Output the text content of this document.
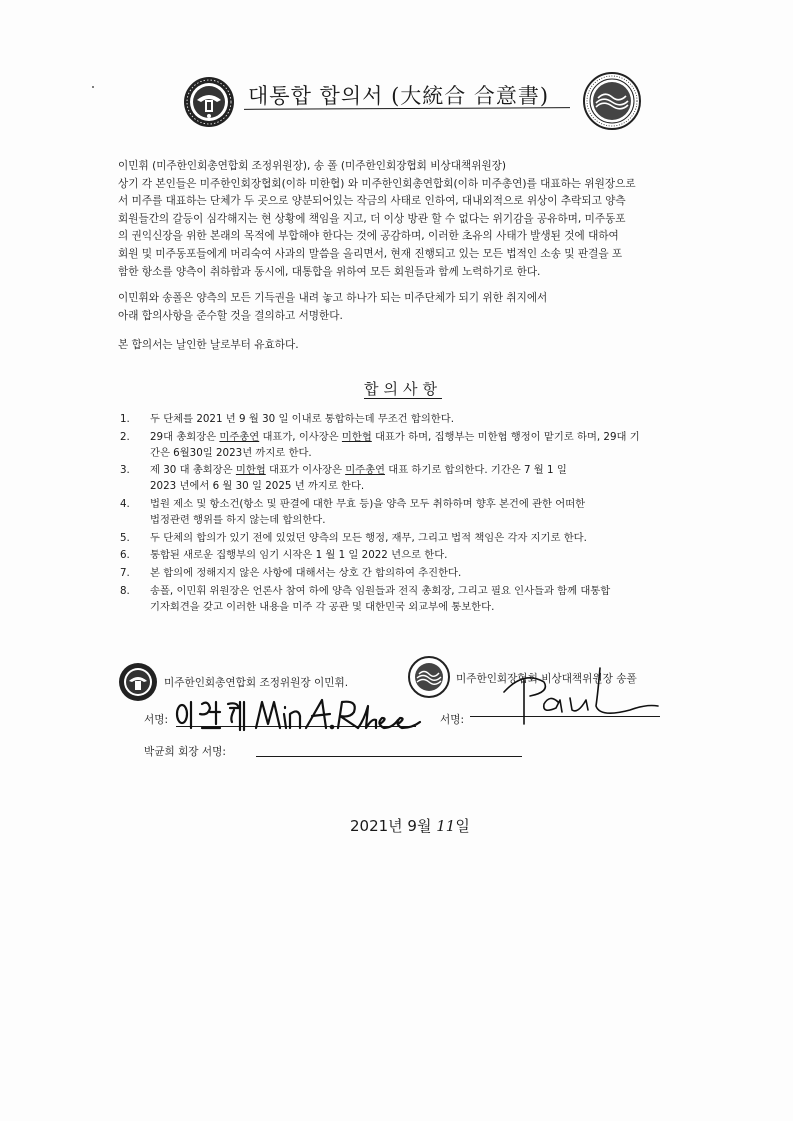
대통합 합의서 (大統合 合意書)

이민휘 (미주한인회총연합회 조정위원장), 송 폴 (미주한인회장협회 비상대책위원장)

상기 각 본인들은 미주한인회장협회(이하 미한협) 와 미주한인회총연합회(이하 미주총연)를 대표하는 위원장으로

서 미주를 대표하는 단체가 두 곳으로 양분되어있는 작금의 사태로 인하여, 대내외적으로 위상이 추락되고 양측

회원들간의 갈등이 심각해지는 현 상황에 책임을 지고, 더 이상 방관 할 수 없다는 위기감을 공유하며, 미주동포

의 권익신장을 위한 본래의 목적에 부합해야 한다는 것에 공감하며, 이러한 초유의 사태가 발생된 것에 대하여

회원 및 미주동포들에게 머리숙여 사과의 말씀을 올리면서, 현재 진행되고 있는 모든 법적인 소송 및 판결을 포

함한 항소를 양측이 취하함과 동시에, 대통합을 위하여 모든 회원들과 함께 노력하기로 한다.

이민휘와 송폴은 양측의 모든 기득권을 내려 놓고 하나가 되는 미주단체가 되기 위한 취지에서

아래 합의사항을 준수할 것을 결의하고 서명한다.

본 합의서는 날인한 날로부터 유효하다.

합의사항
1. 두 단체를 2021 년 9 월 30 일 이내로 통합하는데 무조건 합의한다.
2. 29대 총회장은 미주총연 대표가, 이사장은 미한협 대표가 하며, 집행부는 미한협 행정이 맡기로 하며, 29대 기
간은 6월30일 2023년 까지로 한다.
3. 제 30 대 총회장은 미한협 대표가 이사장은 미주총연 대표 하기로 합의한다. 기간은 7 월 1 일
2023 년에서 6 월 30 일 2025 년 까지로 한다.
4. 법원 제소 및 항소건(항소 및 판결에 대한 무효 등)을 양측 모두 취하하며 향후 본건에 관한 어떠한
법정관련 행위를 하지 않는데 합의한다.
5. 두 단체의 합의가 있기 전에 있었던 양측의 모든 행정, 재무, 그리고 법적 책임은 각자 지기로 한다.
6. 통합된 새로운 집행부의 임기 시작은 1 월 1 일 2022 년으로 한다.
7. 본 합의에 정해지지 않은 사항에 대해서는 상호 간 합의하여 추진한다.
8. 송폴, 이민휘 위원장은 언론사 참여 하에 양측 임원들과 전직 총회장, 그리고 필요 인사들과 함께 대통합
기자회견을 갖고 이러한 내용을 미주 각 공관 및 대한민국 외교부에 통보한다.
미주한인회총연합회 조정위원장 이민휘.	미주한인회장협회 비상대책위원장 송폴
서명:	서명:
박균희 회장 서명:
2021년 9월 11일
